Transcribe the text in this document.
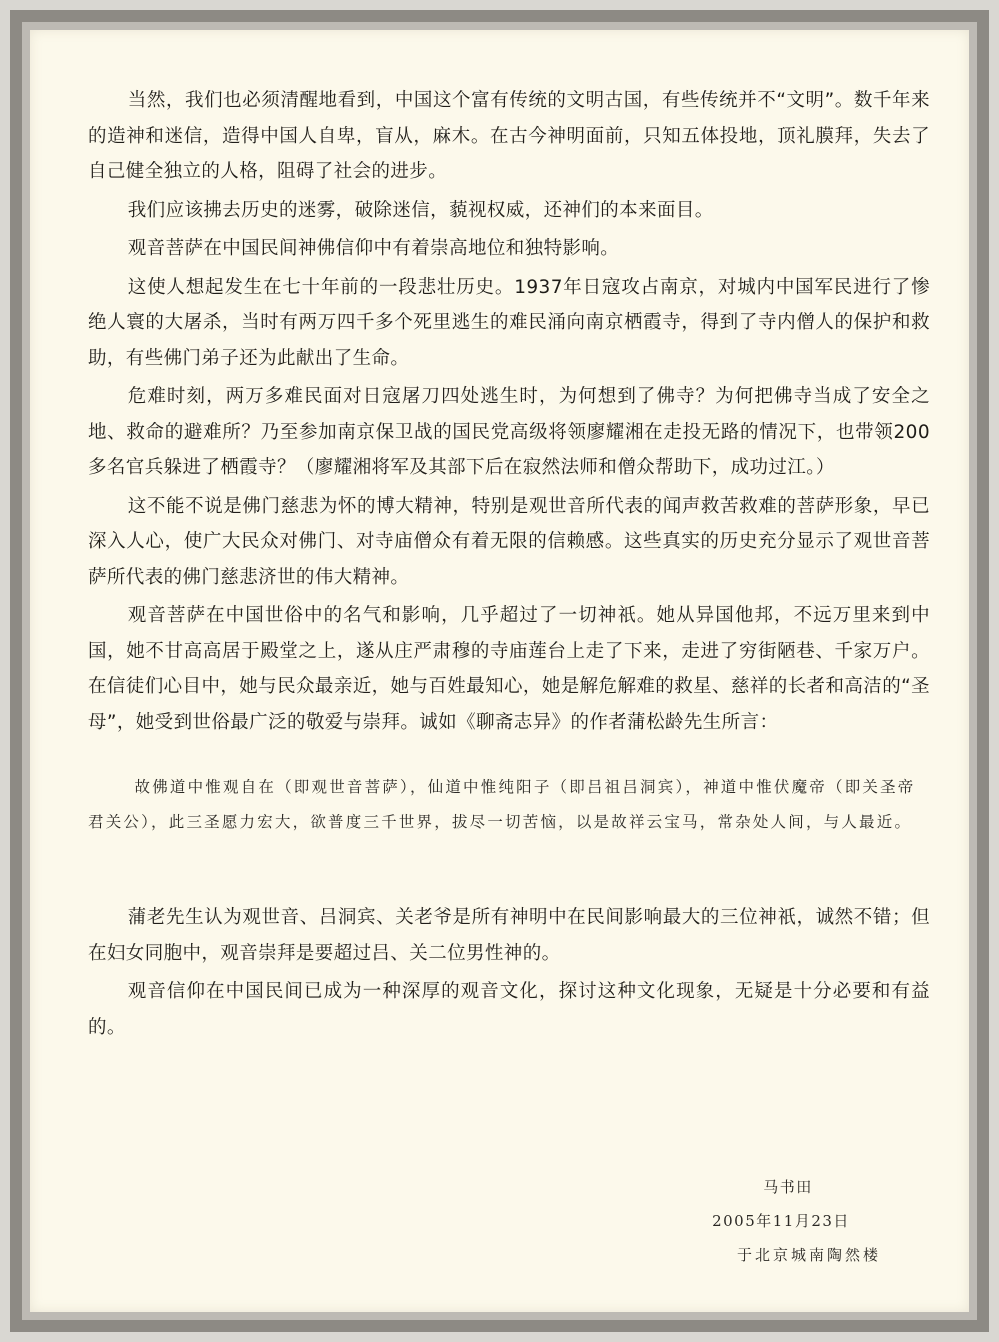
当然，我们也必须清醒地看到，中国这个富有传统的文明古国，有些传统并不“文明”。数千年来的造神和迷信，造得中国人自卑，盲从，麻木。在古今神明面前，只知五体投地，顶礼膜拜，失去了自己健全独立的人格，阻碍了社会的进步。

我们应该拂去历史的迷雾，破除迷信，藐视权威，还神们的本来面目。

观音菩萨在中国民间神佛信仰中有着崇高地位和独特影响。

这使人想起发生在七十年前的一段悲壮历史。1937年日寇攻占南京，对城内中国军民进行了惨绝人寰的大屠杀，当时有两万四千多个死里逃生的难民涌向南京栖霞寺，得到了寺内僧人的保护和救助，有些佛门弟子还为此献出了生命。

危难时刻，两万多难民面对日寇屠刀四处逃生时，为何想到了佛寺？为何把佛寺当成了安全之地、救命的避难所？乃至参加南京保卫战的国民党高级将领廖耀湘在走投无路的情况下，也带领200多名官兵躲进了栖霞寺？（廖耀湘将军及其部下后在寂然法师和僧众帮助下，成功过江。）

这不能不说是佛门慈悲为怀的博大精神，特别是观世音所代表的闻声救苦救难的菩萨形象，早已深入人心，使广大民众对佛门、对寺庙僧众有着无限的信赖感。这些真实的历史充分显示了观世音菩萨所代表的佛门慈悲济世的伟大精神。

观音菩萨在中国世俗中的名气和影响，几乎超过了一切神祇。她从异国他邦，不远万里来到中国，她不甘高高居于殿堂之上，遂从庄严肃穆的寺庙莲台上走了下来，走进了穷街陋巷、千家万户。在信徒们心目中，她与民众最亲近，她与百姓最知心，她是解危解难的救星、慈祥的长者和高洁的“圣母”，她受到世俗最广泛的敬爱与崇拜。诚如《聊斋志异》的作者蒲松龄先生所言：

故佛道中惟观自在（即观世音菩萨），仙道中惟纯阳子（即吕祖吕洞宾），神道中惟伏魔帝（即关圣帝君关公），此三圣愿力宏大，欲普度三千世界，拔尽一切苦恼，以是故祥云宝马，常杂处人间，与人最近。

蒲老先生认为观世音、吕洞宾、关老爷是所有神明中在民间影响最大的三位神祇，诚然不错；但在妇女同胞中，观音崇拜是要超过吕、关二位男性神的。

观音信仰在中国民间已成为一种深厚的观音文化，探讨这种文化现象，无疑是十分必要和有益的。

马书田
2005年11月23日
于北京城南陶然楼
